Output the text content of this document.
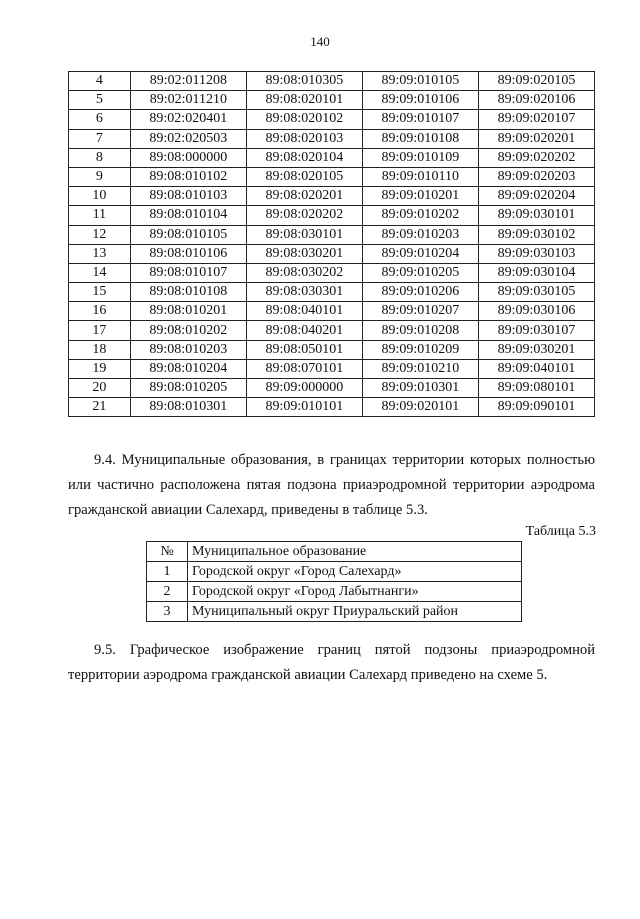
140
4	89:02:011208	89:08:010305	89:09:010105	89:09:020105
5	89:02:011210	89:08:020101	89:09:010106	89:09:020106
6	89:02:020401	89:08:020102	89:09:010107	89:09:020107
7	89:02:020503	89:08:020103	89:09:010108	89:09:020201
8	89:08:000000	89:08:020104	89:09:010109	89:09:020202
9	89:08:010102	89:08:020105	89:09:010110	89:09:020203
10	89:08:010103	89:08:020201	89:09:010201	89:09:020204
11	89:08:010104	89:08:020202	89:09:010202	89:09:030101
12	89:08:010105	89:08:030101	89:09:010203	89:09:030102
13	89:08:010106	89:08:030201	89:09:010204	89:09:030103
14	89:08:010107	89:08:030202	89:09:010205	89:09:030104
15	89:08:010108	89:08:030301	89:09:010206	89:09:030105
16	89:08:010201	89:08:040101	89:09:010207	89:09:030106
17	89:08:010202	89:08:040201	89:09:010208	89:09:030107
18	89:08:010203	89:08:050101	89:09:010209	89:09:030201
19	89:08:010204	89:08:070101	89:09:010210	89:09:040101
20	89:08:010205	89:09:000000	89:09:010301	89:09:080101
21	89:08:010301	89:09:010101	89:09:020101	89:09:090101

9.4. Муниципальные образования, в границах территории которых полностью или частично расположена пятая подзона приаэродромной территории аэродрома гражданской авиации Салехард, приведены в таблице 5.3.

Таблица 5.3
№	Муниципальное образование
1	Городской округ «Город Салехард»
2	Городской округ «Город Лабытнанги»
3	Муниципальный округ Приуральский район

9.5. Графическое изображение границ пятой подзоны приаэродромной территории аэродрома гражданской авиации Салехард приведено на схеме 5.
